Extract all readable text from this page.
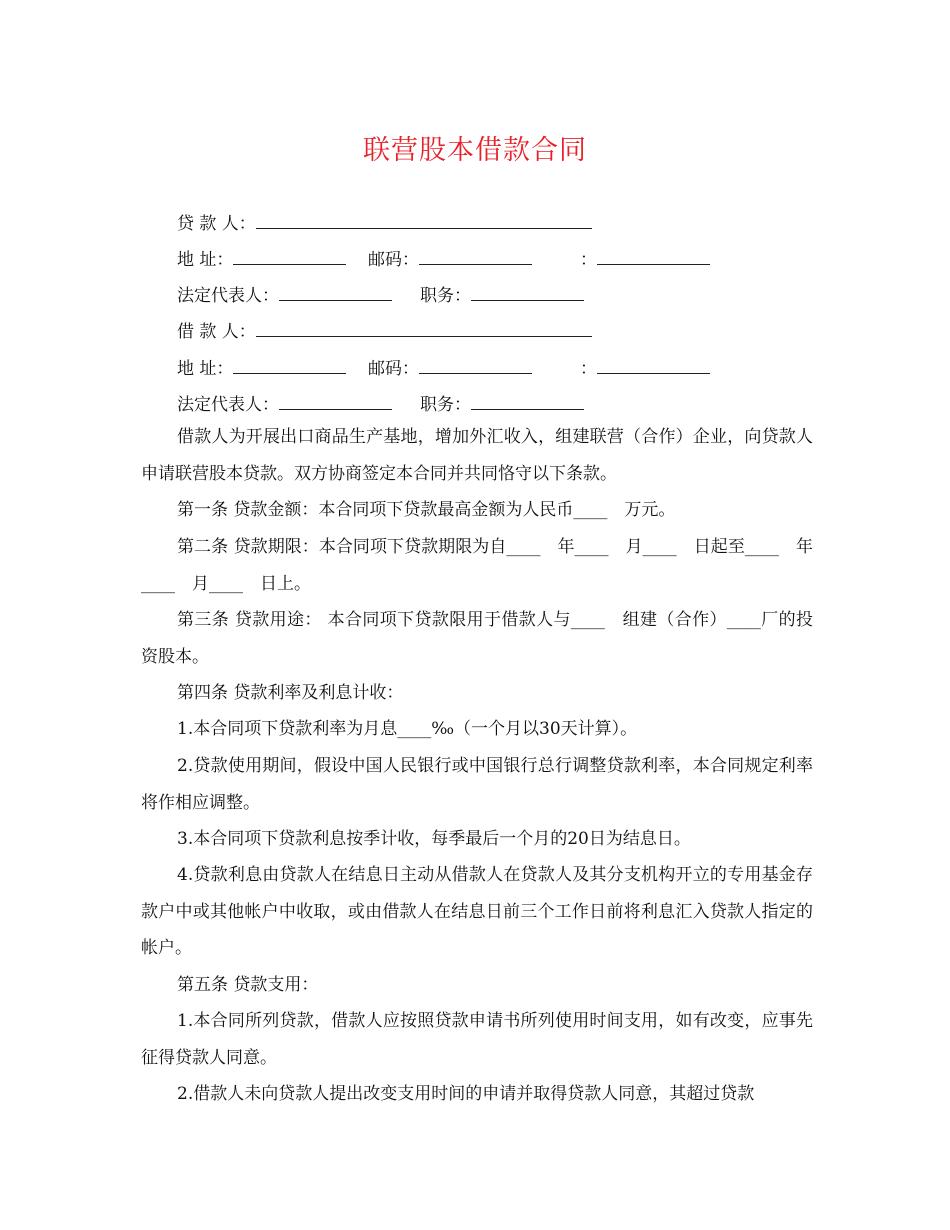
联营股本借款合同
贷 款 人：
地 址：	邮码：	：
法定代表人：	职务：
借 款 人：
地 址：	邮码：	：
法定代表人：	职务：
借款人为开展出口商品生产基地，增加外汇收入，组建联营（合作）企业，向贷款人申请联营股本贷款。双方协商签定本合同并共同恪守以下条款。
第一条 贷款金额：本合同项下贷款最高金额为人民币____　万元。
第二条 贷款期限：本合同项下贷款期限为自____　年____　月____　日起至____　年____　月____　日上。
第三条 贷款用途： 本合同项下贷款限用于借款人与____　组建（合作）____厂的投资股本。
第四条 贷款利率及利息计收：
1.本合同项下贷款利率为月息____‰（一个月以30天计算）。
2.贷款使用期间，假设中国人民银行或中国银行总行调整贷款利率，本合同规定利率将作相应调整。
3.本合同项下贷款利息按季计收，每季最后一个月的20日为结息日。
4.贷款利息由贷款人在结息日主动从借款人在贷款人及其分支机构开立的专用基金存款户中或其他帐户中收取，或由借款人在结息日前三个工作日前将利息汇入贷款人指定的帐户。
第五条 贷款支用：
1.本合同所列贷款，借款人应按照贷款申请书所列使用时间支用，如有改变，应事先征得贷款人同意。
2.借款人未向贷款人提出改变支用时间的申请并取得贷款人同意，其超过贷款
